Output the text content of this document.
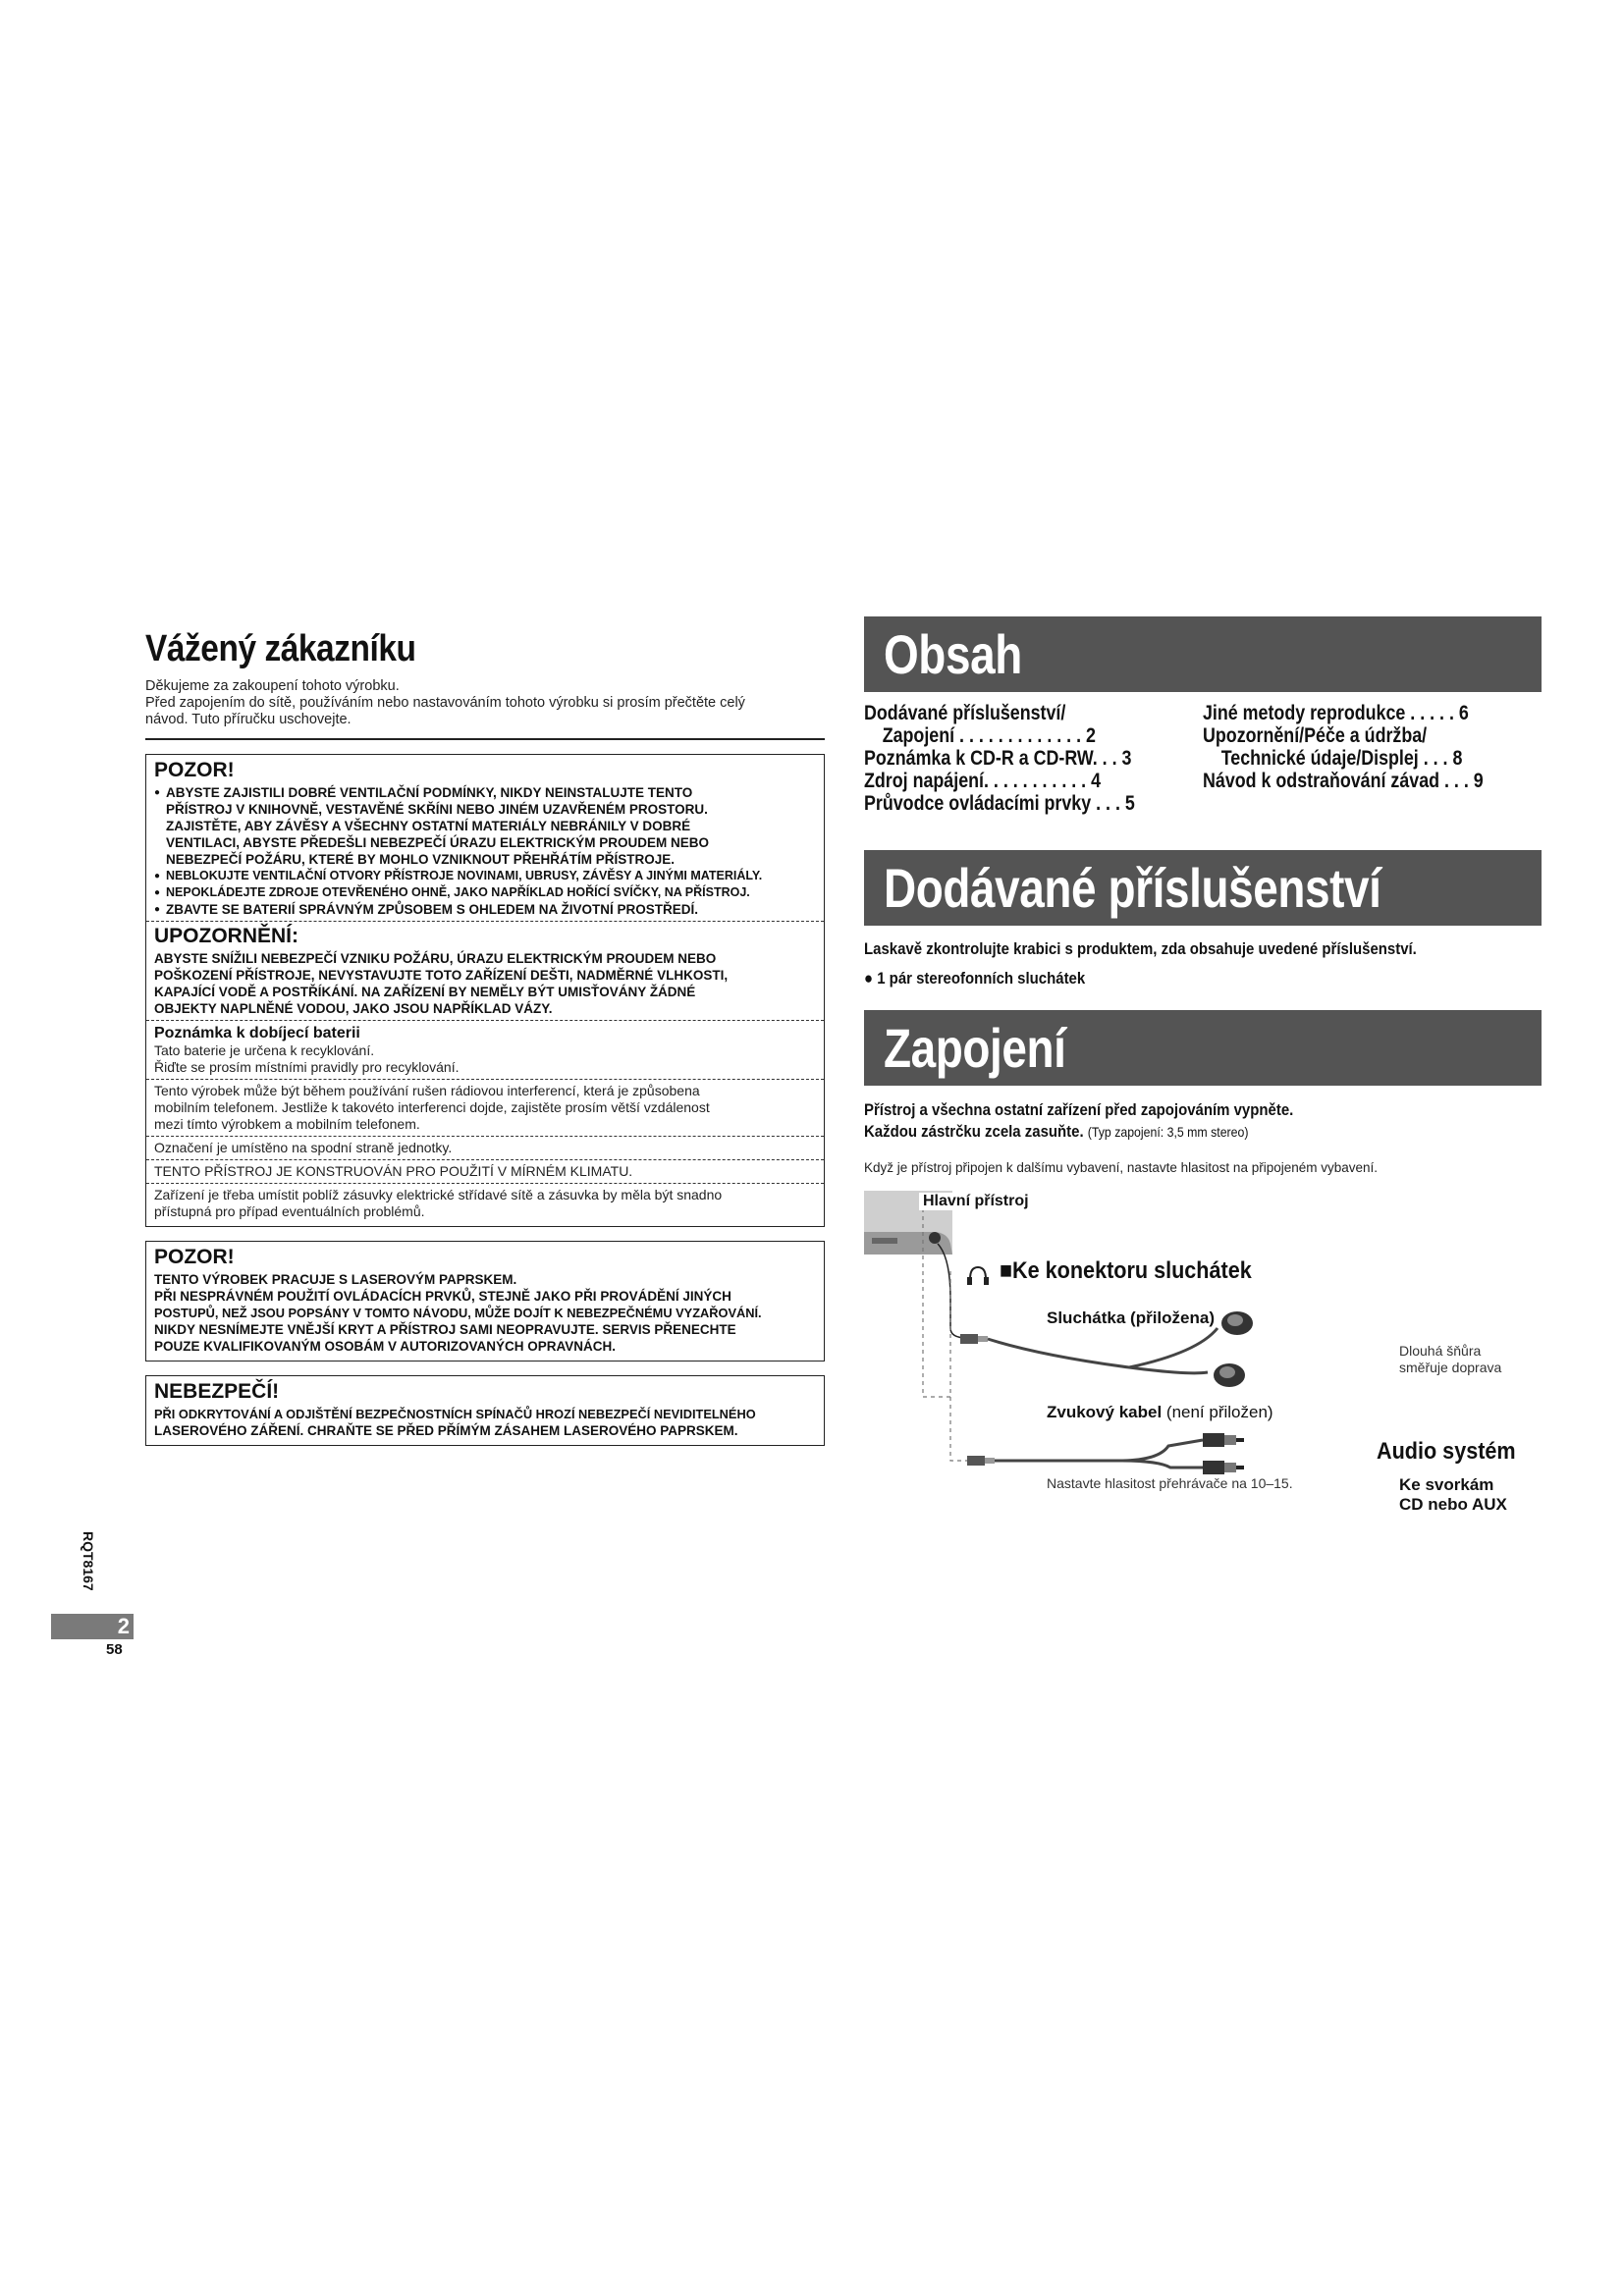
Vážený zákazníku

Děkujeme za zakoupení tohoto výrobku.

Před zapojením do sítě, používáním nebo nastavováním tohoto výrobku si prosím přečtěte celý

návod. Tuto příručku uschovejte.

POZOR!

● ABYSTE ZAJISTILI DOBRÉ VENTILAČNÍ PODMÍNKY, NIKDY NEINSTALUJTE TENTO
PŘÍSTROJ V KNIHOVNĚ, VESTAVĚNÉ SKŘÍNI NEBO JINÉM UZAVŘENÉM PROSTORU.
ZAJISTĚTE, ABY ZÁVĚSY A VŠECHNY OSTATNÍ MATERIÁLY NEBRÁNILY V DOBRÉ
VENTILACI, ABYSTE PŘEDEŠLI NEBEZPEČÍ ÚRAZU ELEKTRICKÝM PROUDEM NEBO
NEBEZPEČÍ POŽÁRU, KTERÉ BY MOHLO VZNIKNOUT PŘEHŘÁTÍM PŘÍSTROJE.

● NEBLOKUJTE VENTILAČNÍ OTVORY PŘÍSTROJE NOVINAMI, UBRUSY, ZÁVĚSY A JINÝMI MATERIÁLY.

● NEPOKLÁDEJTE ZDROJE OTEVŘENÉHO OHNĚ, JAKO NAPŘÍKLAD HOŘÍCÍ SVÍČKY, NA PŘÍSTROJ.

● ZBAVTE SE BATERIÍ SPRÁVNÝM ZPŮSOBEM S OHLEDEM NA ŽIVOTNÍ PROSTŘEDÍ.

UPOZORNĚNÍ:

ABYSTE SNÍŽILI NEBEZPEČÍ VZNIKU POŽÁRU, ÚRAZU ELEKTRICKÝM PROUDEM NEBO

POŠKOZENÍ PŘÍSTROJE, NEVYSTAVUJTE TOTO ZAŘÍZENÍ DEŠTI, NADMĚRNÉ VLHKOSTI,

KAPAJÍCÍ VODĚ A POSTŘÍKÁNÍ. NA ZAŘÍZENÍ BY NEMĚLY BÝT UMISŤOVÁNY ŽÁDNÉ

OBJEKTY NAPLNĚNÉ VODOU, JAKO JSOU NAPŘÍKLAD VÁZY.

Poznámka k dobíjecí baterii

Tato baterie je určena k recyklování.

Řiďte se prosím místními pravidly pro recyklování.

Tento výrobek může být během používání rušen rádiovou interferencí, která je způsobena

mobilním telefonem. Jestliže k takovéto interferenci dojde, zajistěte prosím větší vzdálenost

mezi tímto výrobkem a mobilním telefonem.

Označení je umístěno na spodní straně jednotky.

TENTO PŘÍSTROJ JE KONSTRUOVÁN PRO POUŽITÍ V MÍRNÉM KLIMATU.

Zařízení je třeba umístit poblíž zásuvky elektrické střídavé sítě a zásuvka by měla být snadno

přístupná pro případ eventuálních problémů.

POZOR!

TENTO VÝROBEK PRACUJE S LASEROVÝM PAPRSKEM.

PŘI NESPRÁVNÉM POUŽITÍ OVLÁDACÍCH PRVKŮ, STEJNĚ JAKO PŘI PROVÁDĚNÍ JINÝCH

POSTUPŮ, NEŽ JSOU POPSÁNY V TOMTO NÁVODU, MŮŽE DOJÍT K NEBEZPEČNÉMU VYZAŘOVÁNÍ.

NIKDY NESNÍMEJTE VNĚJŠÍ KRYT A PŘÍSTROJ SAMI NEOPRAVUJTE. SERVIS PŘENECHTE

POUZE KVALIFIKOVANÝM OSOBÁM V AUTORIZOVANÝCH OPRAVNÁCH.

NEBEZPEČÍ!

PŘI ODKRYTOVÁNÍ A ODJIŠTĚNÍ BEZPEČNOSTNÍCH SPÍNAČŮ HROZÍ NEBEZPEČÍ NEVIDITELNÉHO

LASEROVÉHO ZÁŘENÍ. CHRAŇTE SE PŘED PŘÍMÝM ZÁSAHEM LASEROVÉHO PAPRSKEM.

Obsah

Dodávané příslušenství/

Zapojení . . . . . . . . . . . . . 2

Poznámka k CD-R a CD-RW. . . 3

Zdroj napájení. . . . . . . . . . . 4

Průvodce ovládacími prvky . . . 5

Jiné metody reprodukce . . . . . 6

Upozornění/Péče a údržba/

Technické údaje/Displej . . . 8

Návod k odstraňování závad . . . 9

Dodávané příslušenství

Laskavě zkontrolujte krabici s produktem, zda obsahuje uvedené příslušenství.

● 1 pár stereofonních sluchátek

Zapojení

Přístroj a všechna ostatní zařízení před zapojováním vypněte.

Každou zástrčku zcela zasuňte. (Typ zapojení: 3,5 mm stereo)

Když je přístroj připojen k dalšímu vybavení, nastavte hlasitost na připojeném vybavení.

Hlavní přístroj
■Ke konektoru sluchátek
Sluchátka (přiložena)
Dlouhá šňůra
směřuje doprava
Zvukový kabel (není přiložen)
Nastavte hlasitost přehrávače na 10–15.
Audio systém
Ke svorkám
CD nebo AUX
RQT8167
2
58
